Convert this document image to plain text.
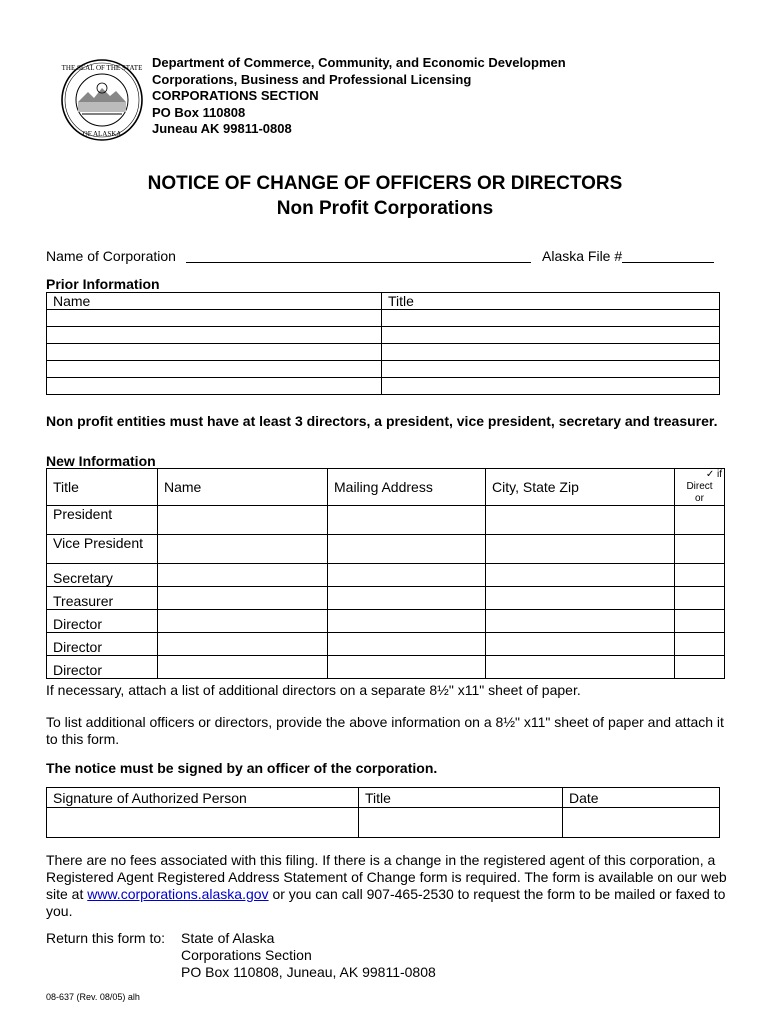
THE SEAL OF THE STATE
OF ALASKA
Department of Commerce, Community, and Economic Developmen
Corporations, Business and Professional Licensing
CORPORATIONS SECTION
PO Box 110808
Juneau AK 99811-0808
NOTICE OF CHANGE OF OFFICERS OR DIRECTORS
Non Profit Corporations
Name of Corporation	Alaska File #
Prior Information
Name	Title

Non profit entities must have at least 3 directors, a president, vice president, secretary and treasurer.
New Information
Title	Name	Mailing Address	City, State Zip	✓ if
Direct
or

President				
Vice President				
Secretary				
Treasurer				
Director				
Director				
Director				
If necessary, attach a list of additional directors on a separate 8½" x11" sheet of paper.
To list additional officers or directors, provide the above information on a 8½" x11" sheet of paper and attach it
to this form.
The notice must be signed by an officer of the corporation.
Signature of Authorized Person	Title	Date

There are no fees associated with this filing. If there is a change in the registered agent of this corporation, a
Registered Agent Registered Address Statement of Change form is required. The form is available on our web
site at www.corporations.alaska.gov or you can call 907-465-2530 to request the form to be mailed or faxed to
you.
Return this form to: State of Alaska
Corporations Section
PO Box 110808, Juneau, AK 99811-0808
08-637 (Rev. 08/05) alh
